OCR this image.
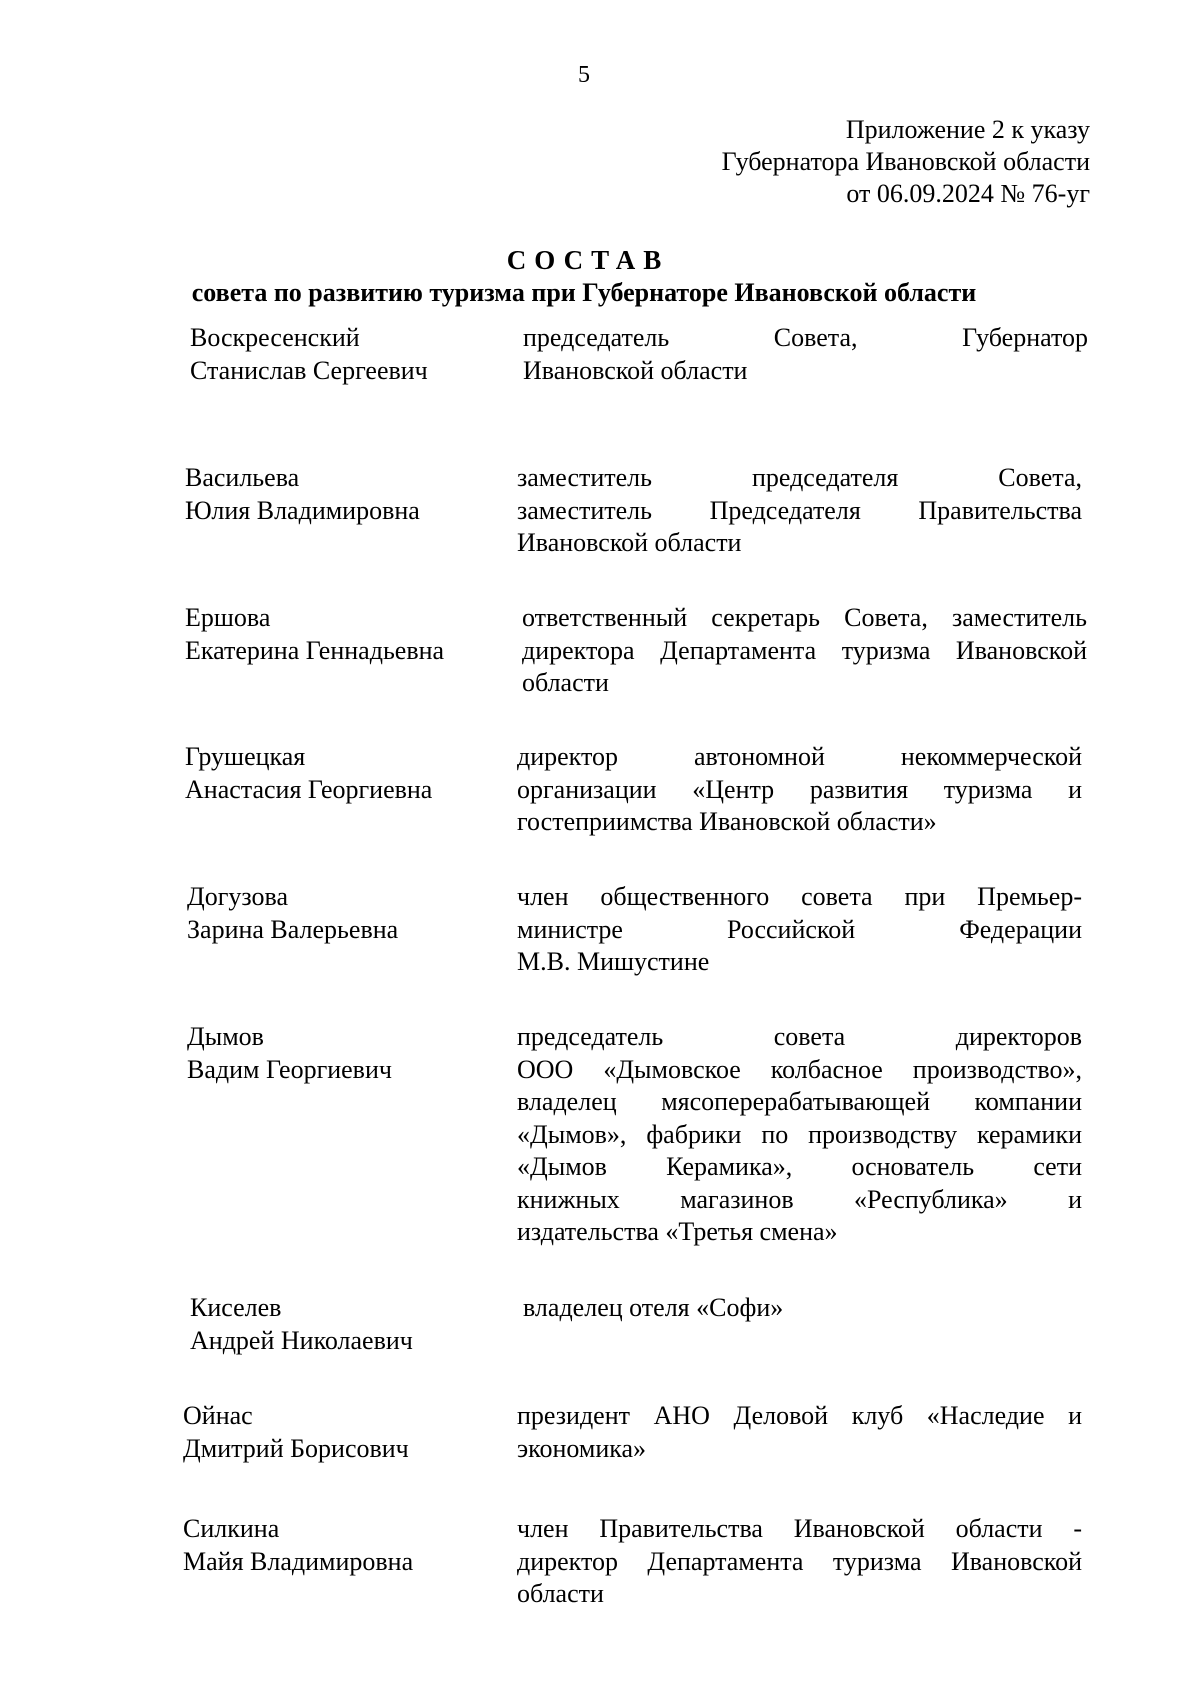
5
Приложение 2 к указу
Губернатора Ивановской области
от 06.09.2024 № 76-уг
СОСТАВ
совета по развитию туризма при Губернаторе Ивановской области
Воскресенский
Станислав Сергеевич
председатель Совета, Губернатор
Ивановской области
Васильева
Юлия Владимировна
заместитель председателя Совета,
заместитель Председателя Правительства
Ивановской области
Ершова
Екатерина Геннадьевна
ответственный секретарь Совета, заместитель
директора Департамента туризма Ивановской
области
Грушецкая
Анастасия Георгиевна
директор автономной некоммерческой
организации «Центр развития туризма и
гостеприимства Ивановской области»
Догузова
Зарина Валерьевна
член общественного совета при Премьер-
министре Российской Федерации
М.В. Мишустине
Дымов
Вадим Георгиевич
председатель совета директоров
ООО «Дымовское колбасное производство»,
владелец мясоперерабатывающей компании
«Дымов», фабрики по производству керамики
«Дымов Керамика», основатель сети
книжных магазинов «Республика» и
издательства «Третья смена»
Киселев
Андрей Николаевич
владелец отеля «Софи»
Ойнас
Дмитрий Борисович
президент АНО Деловой клуб «Наследие и
экономика»
Силкина
Майя Владимировна
член Правительства Ивановской области -
директор Департамента туризма Ивановской
области
